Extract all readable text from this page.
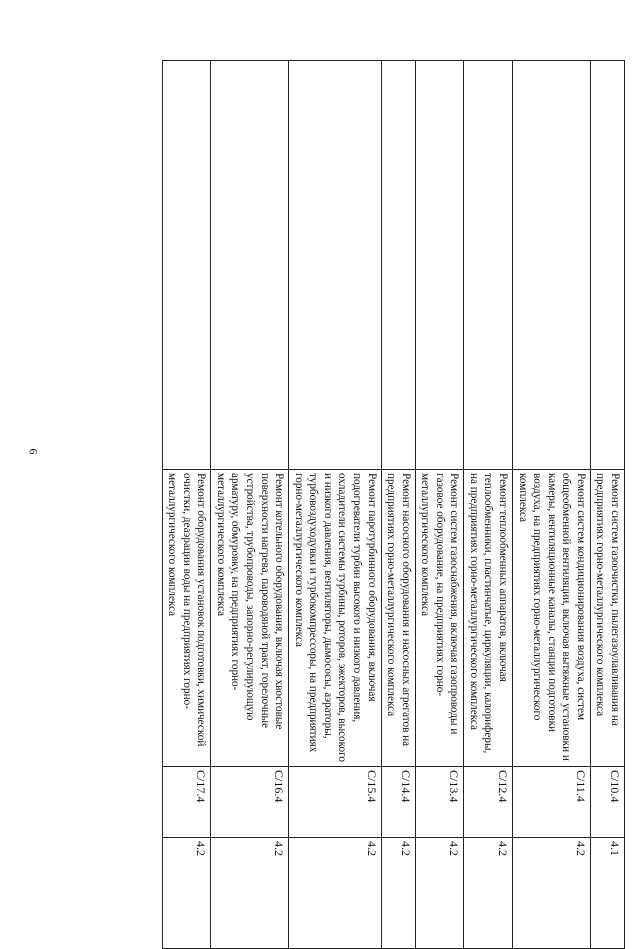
6
	Ремонт систем газоочистки, пылегазоулавливания на предприятиях горно-металлургического комплекса	С/10.4	4.1
	Ремонт систем кондиционирования воздуха, систем общеобменной вентиляции, включая вытяжные установки и камеры, вентиляционные каналы, станции подготовки воздуха, на предприятиях горно-металлургического комплекса	С/11.4	4.2
	Ремонт теплообменных аппаратов, включая теплообменники, пластинчатые, циркуляции, калориферы, на предприятиях горно-металлургического комплекса	С/12.4	4.2
	Ремонт систем газоснабжения, включая газопроводы и газовое оборудование, на предприятиях горно-металлургического комплекса	С/13.4	4.2
	Ремонт насосного оборудования и насосных агрегатов на предприятиях горно-металлургического комплекса	С/14.4	4.2
	Ремонт паротурбинного оборудования, включая подогреватели турбин высокого и низкого давления, охладители системы турбины, роторов, эжекторов, высокого и низкого давления, вентиляторы, дымососы, аэраторы, турбовоздуходувки и турбокомпрессоры, на предприятиях горно-металлургического комплекса	С/15.4	4.2
	Ремонт котельного оборудования, включая хвостовые поверхности нагрева, пароводяной тракт, горелочные устройства, трубопроводы, запорно-регулирующую арматуру, обмуровку, на предприятиях горно-металлургического комплекса	С/16.4	4.2
	Ремонт оборудования установок подготовки, химической очистки, деаэрации воды на предприятиях горно-металлургического комплекса	С/17.4	4.2
